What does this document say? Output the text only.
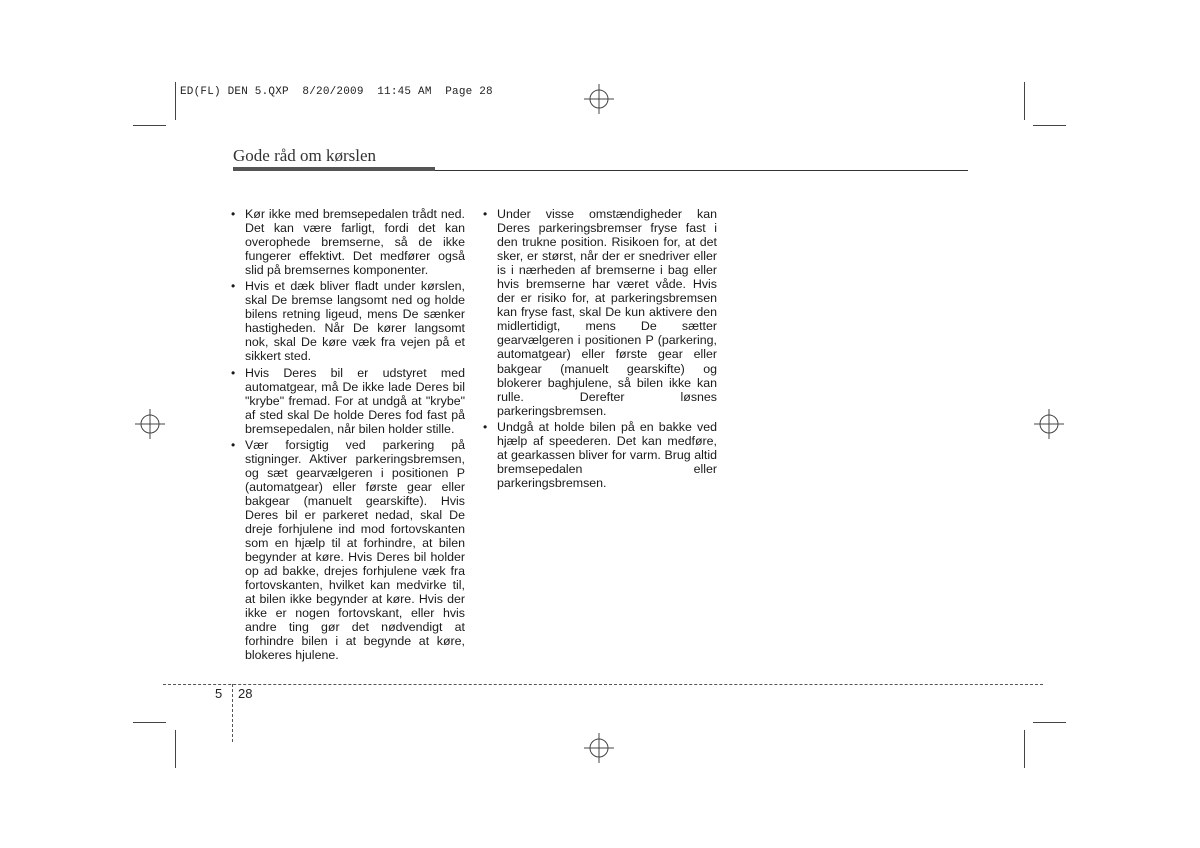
ED(FL) DEN 5.QXP  8/20/2009  11:45 AM  Page 28
Gode råd om kørslen
• Kør ikke med bremsepedalen trådt ned. Det kan være farligt, fordi det kan overophede bremserne, så de ikke fungerer effektivt. Det medfører også slid på bremsernes komponenter.
• Hvis et dæk bliver fladt under kørslen, skal De bremse langsomt ned og holde bilens retning ligeud, mens De sænker hastigheden. Når De kører langsomt nok, skal De køre væk fra vejen på et sikkert sted.
• Hvis Deres bil er udstyret med automatgear, må De ikke lade Deres bil "krybe" fremad. For at undgå at "krybe" af sted skal De holde Deres fod fast på bremsepedalen, når bilen holder stille.
• Vær forsigtig ved parkering på stigninger. Aktiver parkeringsbremsen, og sæt gearvælgeren i positionen P (automatgear) eller første gear eller bakgear (manuelt gearskifte). Hvis Deres bil er parkeret nedad, skal De dreje forhjulene ind mod fortovskanten som en hjælp til at forhindre, at bilen begynder at køre. Hvis Deres bil holder op ad bakke, drejes forhjulene væk fra fortovskanten, hvilket kan medvirke til, at bilen ikke begynder at køre. Hvis der ikke er nogen fortovskant, eller hvis andre ting gør det nødvendigt at forhindre bilen i at begynde at køre, blokeres hjulene.
• Under visse omstændigheder kan Deres parkeringsbremser fryse fast i den trukne position. Risikoen for, at det sker, er størst, når der er snedriver eller is i nærheden af bremserne i bag eller hvis bremserne har været våde. Hvis der er risiko for, at parkeringsbremsen kan fryse fast, skal De kun aktivere den midlertidigt, mens De sætter gearvælgeren i positionen P (parkering, automatgear) eller første gear eller bakgear (manuelt gearskifte) og blokerer baghjulene, så bilen ikke kan rulle. Derefter løsnes parkeringsbremsen.
• Undgå at holde bilen på en bakke ved hjælp af speederen. Det kan medføre, at gearkassen bliver for varm. Brug altid bremsepedalen eller parkeringsbremsen.
5 28
